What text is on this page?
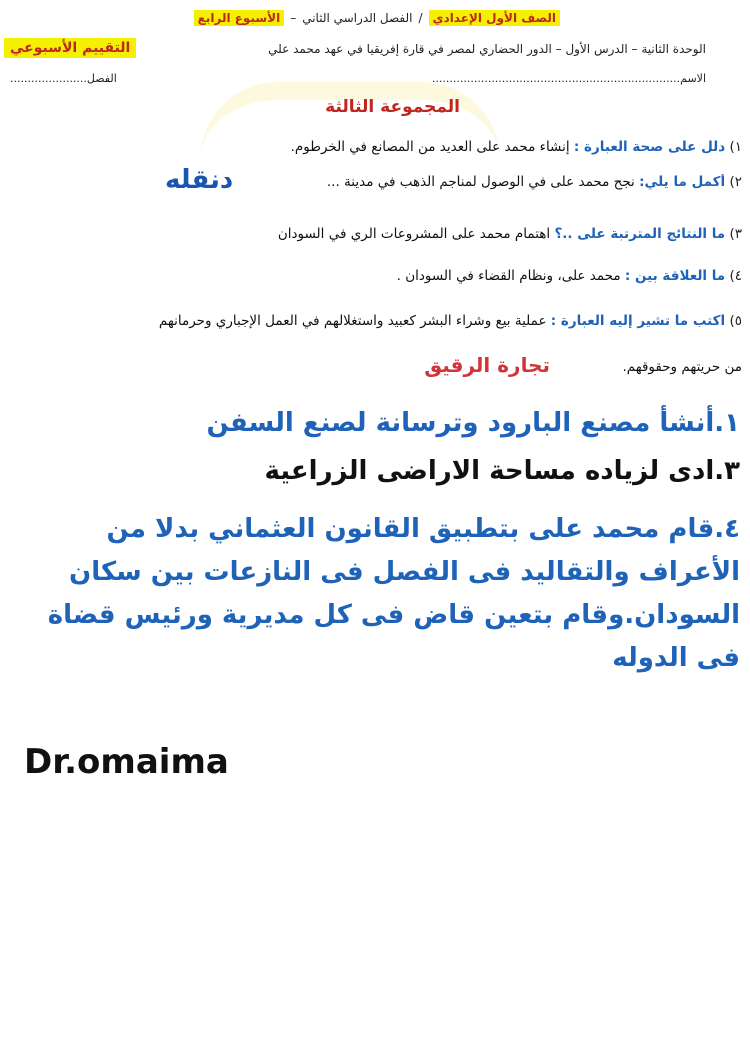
الصف الأول الإعدادي
/
الفصل الدراسي الثاني
–
الأسبوع الرابع
الوحدة الثانية – الدرس الأول – الدور الحضاري لمصر في قارة إفريقيا في عهد محمد علي
التقييم الأسبوعي
الاسم.......................................................................
الفصل......................
المجموعة الثالثة
١) دلل على صحة العبارة : إنشاء محمد على العديد من المصانع في الخرطوم.
٢) أكمل ما يلي: نجح محمد على في الوصول لمناجم الذهب في مدينة ...
دنقله
٣) ما النتائج المترتبة على ..؟ اهتمام محمد على المشروعات الري في السودان
٤) ما العلاقة بين : محمد على، ونظام القضاء في السودان .
٥) اكتب ما تشير إليه العبارة : عملية بيع وشراء البشر كعبيد واستغلالهم في العمل الإجباري وحرمانهم
من حريتهم وحقوقهم.
تجارة الرقيق
١.أنشأ مصنع البارود وترسانة لصنع السفن
٣.ادى لزياده مساحة الاراضى الزراعية
٤.قام محمد على بتطبيق القانون العثماني بدلا من الأعراف والتقاليد فى الفصل فى النازعات بين سكان السودان.وقام بتعين قاض فى كل مديرية ورئيس قضاة فى الدوله
Dr.omaima
